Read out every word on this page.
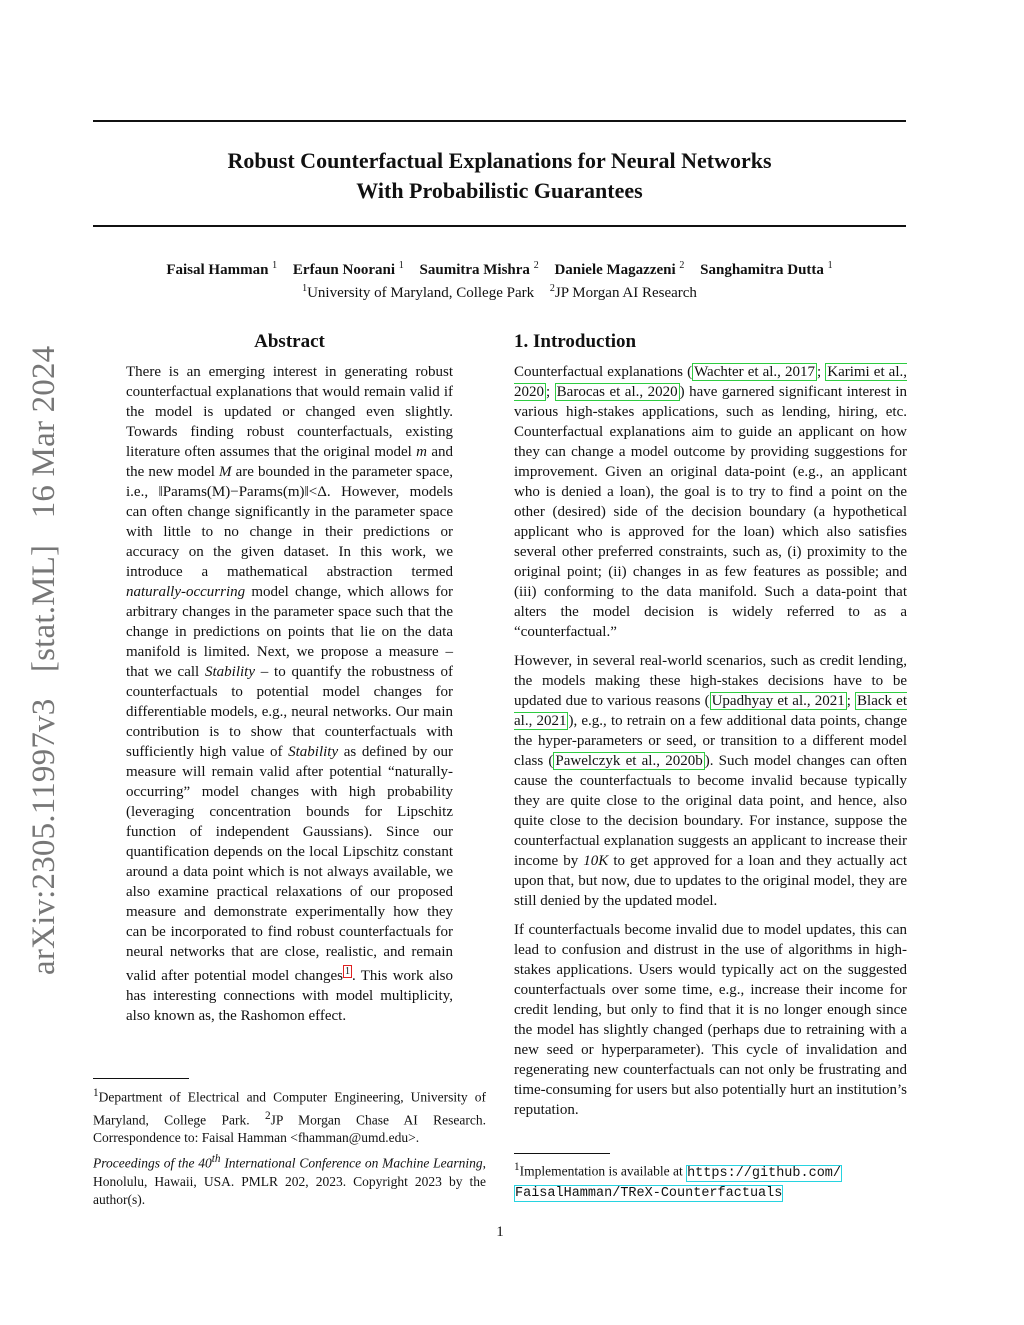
Robust Counterfactual Explanations for Neural Networks
With Probabilistic Guarantees
Faisal Hamman $^1$ Erfaun Noorani $^1$ Saumitra Mishra $^2$ Daniele Magazzeni $^2$ Sanghamitra Dutta $^1$
$^1$University of Maryland, College Park $^2$JP Morgan AI Research
arXiv:2305.11997v3 [stat.ML] 16 Mar 2024
Abstract

There is an emerging interest in generating robust counterfactual explanations that would remain valid if the model is updated or changed even slightly. Towards finding robust counterfactuals, existing literature often assumes that the original model m and the new model M are bounded in the parameter space, i.e., ‖Params(M)−Params(m)‖<Δ. However, models can often change significantly in the parameter space with little to no change in their predictions or accuracy on the given dataset. In this work, we introduce a mathematical abstraction termed naturally-occurring model change, which allows for arbitrary changes in the parameter space such that the change in predictions on points that lie on the data manifold is limited. Next, we propose a measure – that we call Stability – to quantify the robustness of counterfactuals to potential model changes for differentiable models, e.g., neural networks. Our main contribution is to show that counterfactuals with sufficiently high value of Stability as defined by our measure will remain valid after potential “naturally-occurring” model changes with high probability (leveraging concentration bounds for Lipschitz function of independent Gaussians). Since our quantification depends on the local Lipschitz constant around a data point which is not always available, we also examine practical relaxations of our proposed measure and demonstrate experimentally how they can be incorporated to find robust counterfactuals for neural networks that are close, realistic, and remain valid after potential model changes $^1$ . This work also has interesting connections with model multiplicity, also known as, the Rashomon effect.

$^1$Department of Electrical and Computer Engineering, University of Maryland, College Park. $^2$JP Morgan Chase AI Research. Correspondence to: Faisal Hamman <fhamman@umd.edu>.

Proceedings of the 40th International Conference on Machine Learning, Honolulu, Hawaii, USA. PMLR 202, 2023. Copyright 2023 by the author(s).
1. Introduction

Counterfactual explanations ( Wachter et al., 2017 ; Karimi et al., 2020 ; Barocas et al., 2020 ) have garnered significant interest in various high-stakes applications, such as lending, hiring, etc. Counterfactual explanations aim to guide an applicant on how they can change a model outcome by providing suggestions for improvement. Given an original data-point (e.g., an applicant who is denied a loan), the goal is to try to find a point on the other (desired) side of the decision boundary (a hypothetical applicant who is approved for the loan) which also satisfies several other preferred constraints, such as, (i) proximity to the original point; (ii) changes in as few features as possible; and (iii) conforming to the data manifold. Such a data-point that alters the model decision is widely referred to as a “counterfactual.”

However, in several real-world scenarios, such as credit lending, the models making these high-stakes decisions have to be updated due to various reasons ( Upadhyay et al., 2021 ; Black et al., 2021 ), e.g., to retrain on a few additional data points, change the hyper-parameters or seed, or transition to a different model class ( Pawelczyk et al., 2020b ). Such model changes can often cause the counterfactuals to become invalid because typically they are quite close to the original data point, and hence, also quite close to the decision boundary. For instance, suppose the counterfactual explanation suggests an applicant to increase their income by 10K to get approved for a loan and they actually act upon that, but now, due to updates to the original model, they are still denied by the updated model.

If counterfactuals become invalid due to model updates, this can lead to confusion and distrust in the use of algorithms in high-stakes applications. Users would typically act on the suggested counterfactuals over some time, e.g., increase their income for credit lending, but only to find that it is no longer enough since the model has slightly changed (perhaps due to retraining with a new seed or hyperparameter). This cycle of invalidation and regenerating new counterfactuals can not only be frustrating and time-consuming for users but also potentially hurt an institution’s reputation.

$^1$Implementation is available at https://github.com/
FaisalHamman/TReX-Counterfactuals
1
